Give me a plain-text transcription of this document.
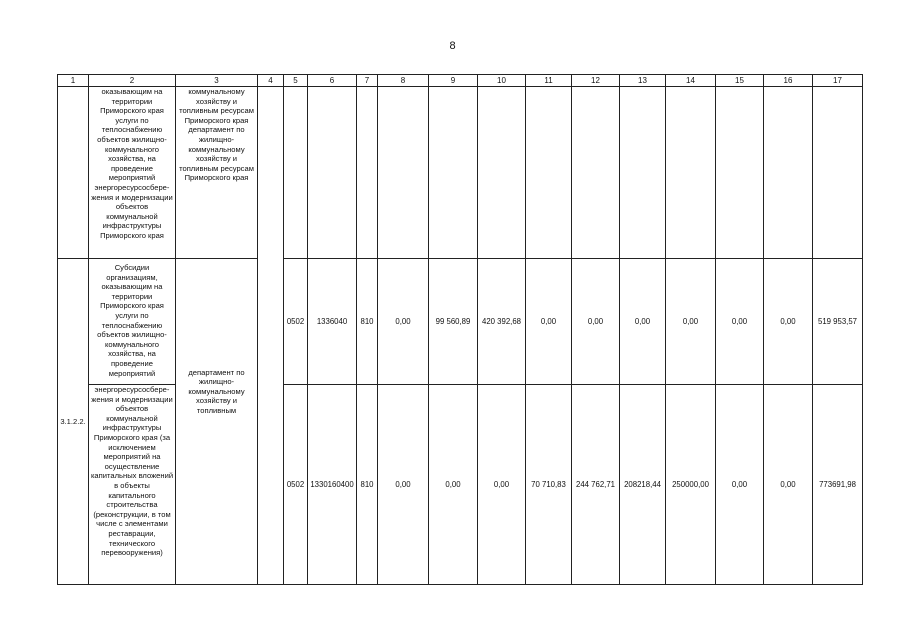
8
1	2	3	4	5	6	7	8	9	10	11	12	13	14	15	16	17
	оказывающим на территории Приморского края услуги по теплоснабжению объектов жилищно-коммунального хозяйства, на проведение мероприятий энергоресурсосбере-жения и модернизации объектов коммунальной инфраструктуры Приморского края	коммунальному хозяйству и топливным ресурсам Приморского края департамент по жилищно-коммунальному хозяйству и топливным ресурсам Приморского края														
3.1.2.2.	Субсидии организациям, оказывающим на территории Приморского края услуги по теплоснабжению объектов жилищно-коммунального хозяйства, на проведение мероприятий	департамент по жилищно-коммунальному хозяйству и топливным		0502	1336040	810	0,00	99 560,89	420 392,68	0,00	0,00	0,00	0,00	0,00	0,00	519 953,57
	энергоресурсосбере-жения и модернизации объектов коммунальной инфраструктуры Приморского края (за исключением мероприятий на осуществление капитальных вложений в объекты капитального строительства (реконструкции, в том числе с элементами реставрации, технического перевооружения)			0502	1330160400	810	0,00	0,00	0,00	70 710,83	244 762,71	208218,44	250000,00	0,00	0,00	773691,98
